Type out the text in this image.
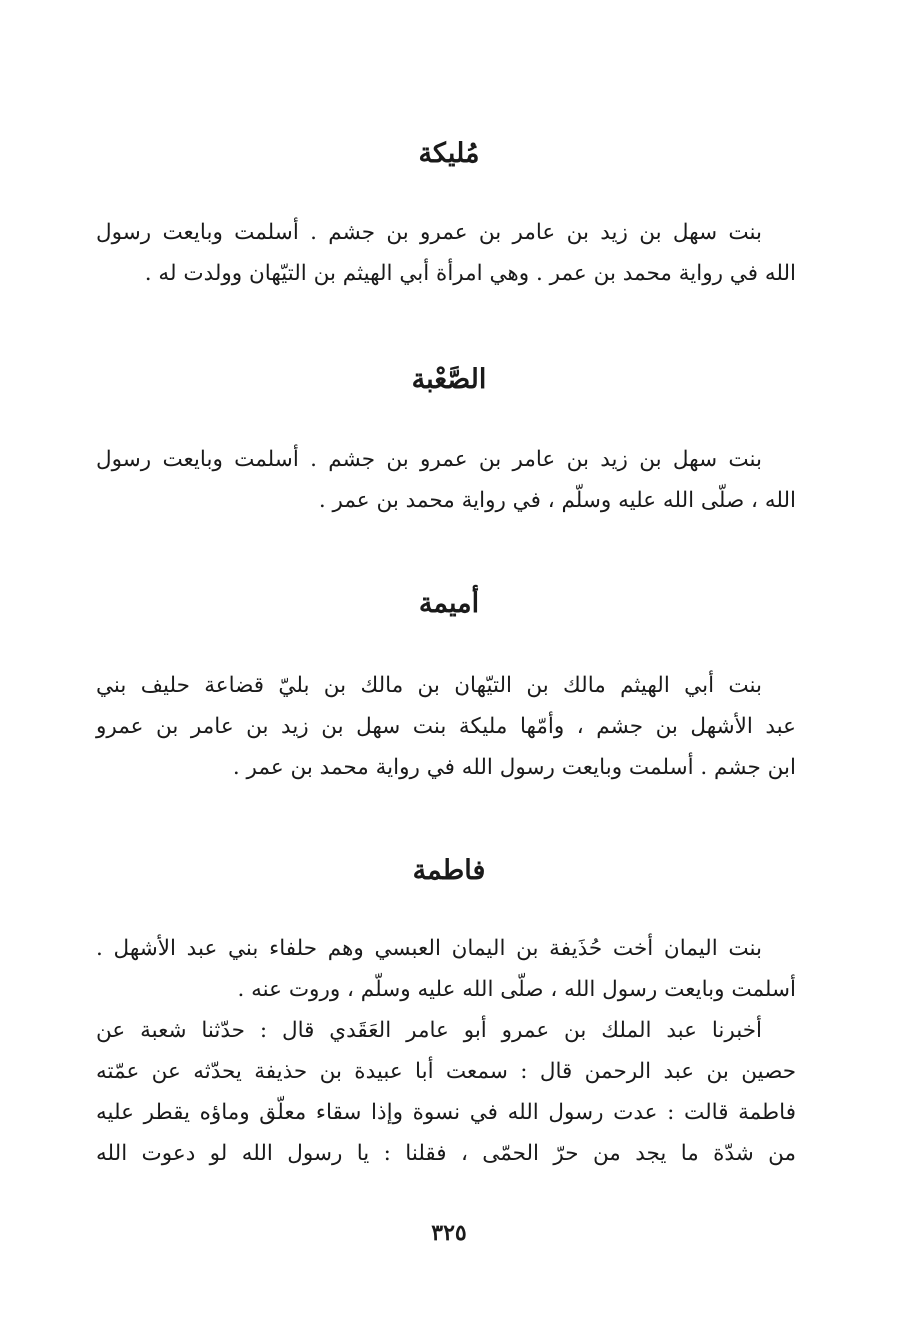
مُليكة
بنت سهل بن زيد بن عامر بن عمرو بن جشم . أسلمت وبايعت رسول
الله في رواية محمد بن عمر . وهي امرأة أبي الهيثم بن التيّهان وولدت له .
الصَّعْبة
بنت سهل بن زيد بن عامر بن عمرو بن جشم . أسلمت وبايعت رسول
الله ، صلّى الله عليه وسلّم ، في رواية محمد بن عمر .
أميمة
بنت أبي الهيثم مالك بن التيّهان بن مالك بن بليّ قضاعة حليف بني
عبد الأشهل بن جشم ، وأمّها مليكة بنت سهل بن زيد بن عامر بن عمرو
ابن جشم . أسلمت وبايعت رسول الله في رواية محمد بن عمر .
فاطمة
بنت اليمان أخت حُذَيفة بن اليمان العبسي وهم حلفاء بني عبد الأشهل .
أسلمت وبايعت رسول الله ، صلّى الله عليه وسلّم ، وروت عنه .
أخبرنا عبد الملك بن عمرو أبو عامر العَقَدي قال : حدّثنا شعبة عن
حصين بن عبد الرحمن قال : سمعت أبا عبيدة بن حذيفة يحدّثه عن عمّته
فاطمة قالت : عدت رسول الله في نسوة وإذا سقاء معلّق وماؤه يقطر عليه
من شدّة ما يجد من حرّ الحمّى ، فقلنا : يا رسول الله لو دعوت الله
٣٢٥
